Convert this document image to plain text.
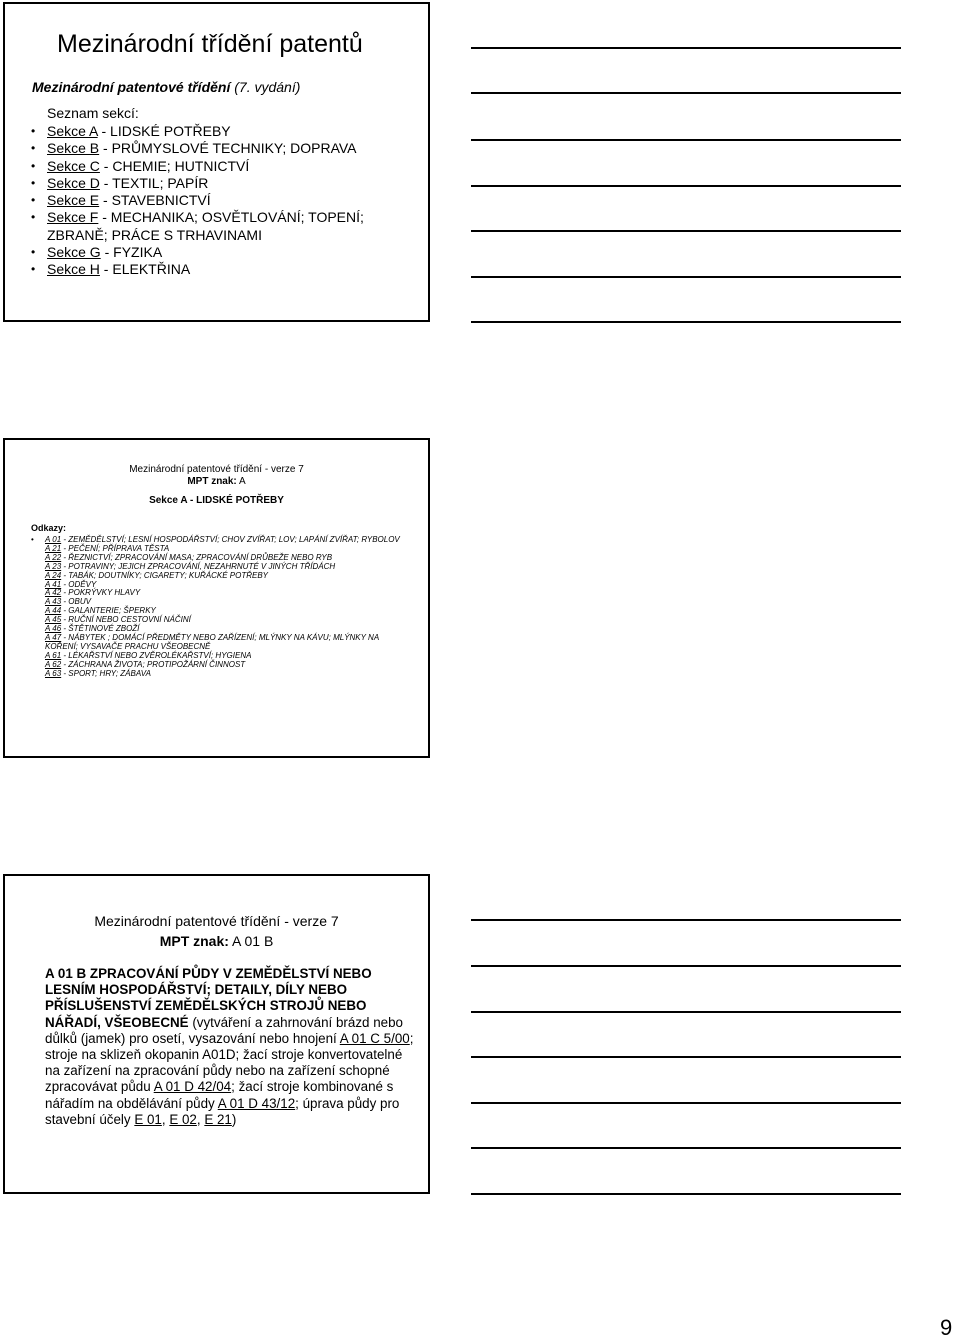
Mezinárodní třídění patentů
Mezinárodní patentové třídění (7. vydání)
Seznam sekcí:
• Sekce A - LIDSKÉ POTŘEBY
• Sekce B - PRŮMYSLOVÉ TECHNIKY; DOPRAVA
• Sekce C - CHEMIE; HUTNICTVÍ
• Sekce D - TEXTIL; PAPÍR
• Sekce E - STAVEBNICTVÍ
• Sekce F - MECHANIKA; OSVĚTLOVÁNÍ; TOPENÍ; ZBRANĚ; PRÁCE S TRHAVINAMI
• Sekce G - FYZIKA
• Sekce H - ELEKTŘINA
Mezinárodní patentové třídění - verze 7
MPT znak: A
Sekce A - LIDSKÉ POTŘEBY
Odkazy:
• A 01 - ZEMĚDĚLSTVÍ; LESNÍ HOSPODÁŘSTVÍ; CHOV ZVÍŘAT; LOV; LAPÁNÍ ZVÍŘAT; RYBOLOV
A 21 - PEČENÍ; PŘÍPRAVA TĚSTA
A 22 - ŘEZNICTVÍ; ZPRACOVÁNÍ MASA; ZPRACOVÁNÍ DRŮBEŽE NEBO RYB
A 23 - POTRAVINY; JEJICH ZPRACOVÁNÍ, NEZAHRNUTÉ V JINÝCH TŘÍDÁCH
A 24 - TABÁK; DOUTNÍKY; CIGARETY; KUŘÁCKÉ POTŘEBY
A 41 - ODĚVY
A 42 - POKRÝVKY HLAVY
A 43 - OBUV
A 44 - GALANTERIE; ŠPERKY
A 45 - RUČNÍ NEBO CESTOVNÍ NÁČINÍ
A 46 - ŠTĚTINOVÉ ZBOŽÍ
A 47 - NÁBYTEK ; DOMÁCÍ PŘEDMĚTY NEBO ZAŘÍZENÍ; MLÝNKY NA KÁVU; MLÝNKY NA KOŘENÍ; VYSAVAČE PRACHU VŠEOBECNĚ
A 61 - LÉKAŘSTVÍ NEBO ZVĚROLÉKAŘSTVÍ; HYGIENA
A 62 - ZÁCHRANA ŽIVOTA; PROTIPOŽÁRNÍ ČINNOST
A 63 - SPORT; HRY; ZÁBAVA
Mezinárodní patentové třídění - verze 7
MPT znak: A 01 B
A 01 B ZPRACOVÁNÍ PŮDY V ZEMĚDĚLSTVÍ NEBO LESNÍM HOSPODÁŘSTVÍ; DETAILY, DÍLY NEBO PŘÍSLUŠENSTVÍ ZEMĚDĚLSKÝCH STROJŮ NEBO NÁŘADÍ, VŠEOBECNÉ (vytváření a zahrnování brázd nebo důlků (jamek) pro osetí, vysazování nebo hnojení A 01 C 5/00; stroje na sklizeň okopanin A01D; žací stroje konvertovatelné na zařízení na zpracování půdy nebo na zařízení schopné zpracovávat půdu A 01 D 42/04; žací stroje kombinované s nářadím na obdělávání půdy A 01 D 43/12; úprava půdy pro stavební účely E 01, E 02, E 21)
9
